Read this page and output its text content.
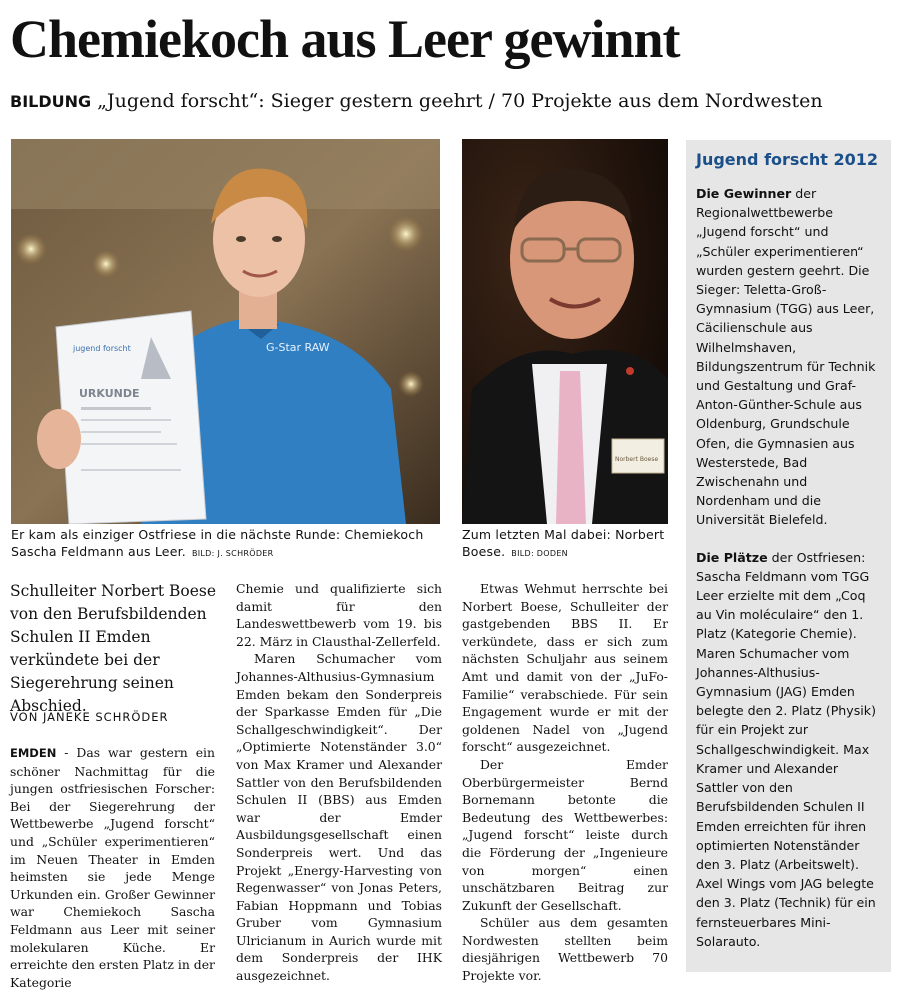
Chemiekoch aus Leer gewinnt
BILDUNG „Jugend forscht“: Sieger gestern geehrt / 70 Projekte aus dem Nordwesten
G-Star RAW
jugend forscht
URKUNDE
Er kam als einziger Ostfriese in die nächste Runde: Chemiekoch Sascha Feldmann aus Leer. BILD: J. SCHRÖDER
Norbert Boese
Zum letzten Mal dabei: Norbert Boese. BILD: DODEN
Schulleiter Norbert Boese von den Berufsbildenden Schulen II Emden verkündete bei der Siegerehrung seinen Abschied.
VON JANEKE SCHRÖDER

EMDEN - Das war gestern ein schöner Nachmittag für die jungen ostfriesischen Forscher: Bei der Siegerehrung der Wettbewerbe „Jugend forscht“ und „Schüler experimentieren“ im Neuen Theater in Emden heimsten sie jede Menge Urkunden ein. Großer Gewinner war Chemiekoch Sascha Feldmann aus Leer mit seiner molekularen Küche. Er erreichte den ersten Platz in der Kategorie

Chemie und qualifizierte sich damit für den Landeswettbewerb vom 19. bis 22. März in Clausthal-Zellerfeld.

Maren Schumacher vom Johannes-Althusius-Gymnasium Emden bekam den Sonderpreis der Sparkasse Emden für „Die Schallgeschwindigkeit“. Der „Optimierte Notenständer 3.0“ von Max Kramer und Alexander Sattler von den Berufsbildenden Schulen II (BBS) aus Emden war der Emder Ausbildungsgesellschaft einen Sonderpreis wert. Und das Projekt „Energy-Harvesting von Regenwasser“ von Jonas Peters, Fabian Hoppmann und Tobias Gruber vom Gymnasium Ulricianum in Aurich wurde mit dem Sonderpreis der IHK ausgezeichnet.

Etwas Wehmut herrschte bei Norbert Boese, Schulleiter der gastgebenden BBS II. Er verkündete, dass er sich zum nächsten Schuljahr aus seinem Amt und damit von der „JuFo-Familie“ verabschiede. Für sein Engagement wurde er mit der goldenen Nadel von „Jugend forscht“ ausgezeichnet.

Der Emder Oberbürgermeister Bernd Bornemann betonte die Bedeutung des Wettbewerbes: „Jugend forscht“ leiste durch die Förderung der „Ingenieure von morgen“ einen unschätzbaren Beitrag zur Zukunft der Gesellschaft.

Schüler aus dem gesamten Nordwesten stellten beim diesjährigen Wettbewerb 70 Projekte vor.

Jugend forscht 2012

Die Gewinner der Regionalwettbewerbe „Jugend forscht“ und „Schüler experimentieren“ wurden gestern geehrt. Die Sieger: Teletta-Groß-Gymnasium (TGG) aus Leer, Cäcilienschule aus Wilhelmshaven, Bildungszentrum für Technik und Gestaltung und Graf-Anton-Günther-Schule aus Oldenburg, Grundschule Ofen, die Gymnasien aus Westerstede, Bad Zwischenahn und Nordenham und die Universität Bielefeld.

Die Plätze der Ostfriesen: Sascha Feldmann vom TGG Leer erzielte mit dem „Coq au Vin moléculaire“ den 1. Platz (Kategorie Chemie). Maren Schumacher vom Johannes-Althusius-Gymnasium (JAG) Emden belegte den 2. Platz (Physik) für ein Projekt zur Schallgeschwindigkeit. Max Kramer und Alexander Sattler von den Berufsbildenden Schulen II Emden erreichten für ihren optimierten Notenständer den 3. Platz (Arbeitswelt). Axel Wings vom JAG belegte den 3. Platz (Technik) für ein fernsteuerbares Mini-Solarauto.
